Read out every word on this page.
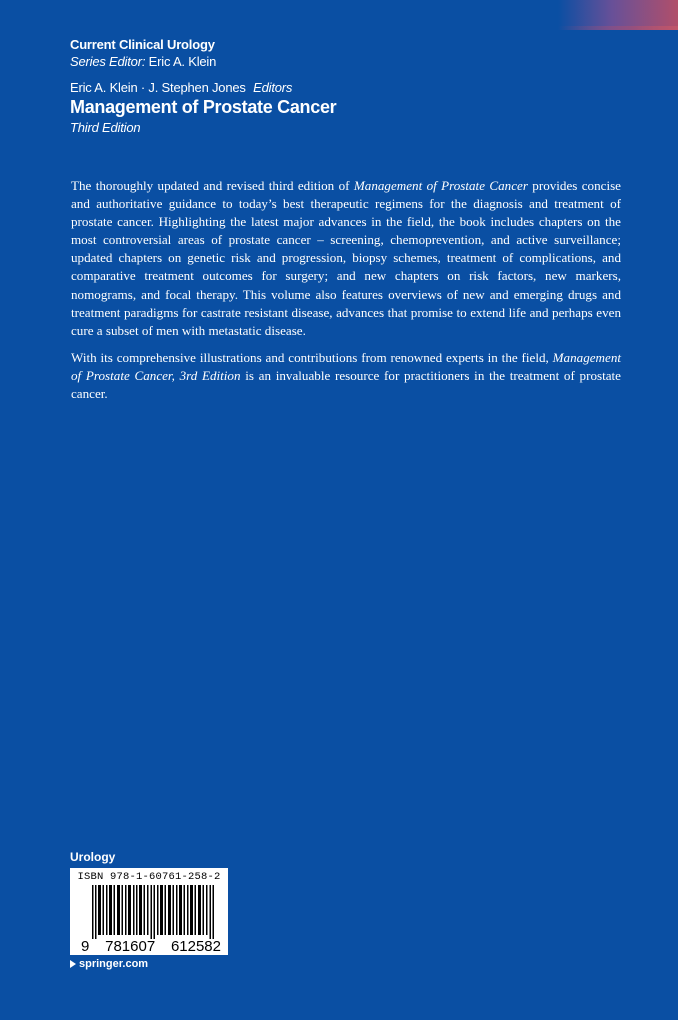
Current Clinical Urology
Series Editor: Eric A. Klein
Eric A. Klein · J. Stephen Jones Editors
Management of Prostate Cancer
Third Edition

The thoroughly updated and revised third edition of Management of Prostate Cancer provides concise and authoritative guidance to today’s best therapeutic regimens for the diagnosis and treatment of prostate cancer. Highlighting the latest major advances in the field, the book includes chapters on the most controversial areas of prostate cancer – screening, chemoprevention, and active surveillance; updated chapters on genetic risk and progression, biopsy schemes, treatment of complications, and comparative treatment outcomes for surgery; and new chapters on risk factors, new markers, nomograms, and focal therapy. This volume also features overviews of new and emerging drugs and treatment paradigms for castrate resistant disease, advances that promise to extend life and perhaps even cure a subset of men with metastatic disease.

With its comprehensive illustrations and contributions from renowned experts in the field, Management of Prostate Cancer, 3rd Edition is an invaluable resource for practitioners in the treatment of prostate cancer.

Urology
ISBN 978-1-60761-258-2
9 781607 612582
springer.com
